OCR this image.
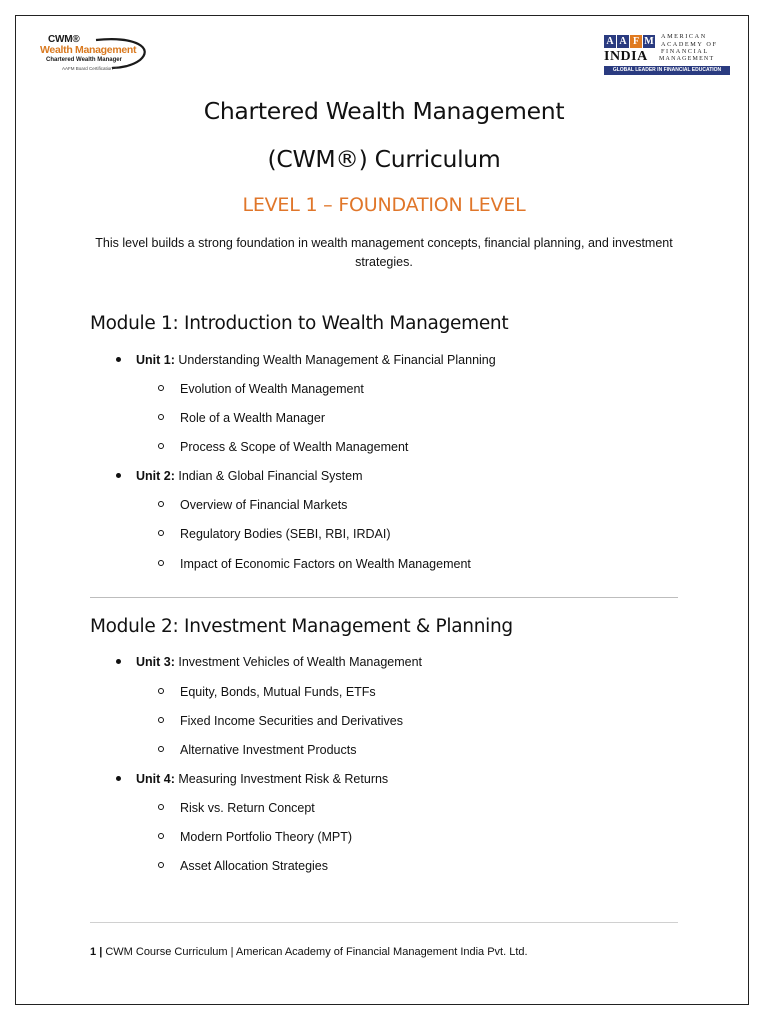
CWM®
Wealth Management
Chartered Wealth Manager
AAFM Board Certification™
A A F M AMERICAN
ACADEMY OF
FINANCIAL
INDIA MANAGEMENT
GLOBAL LEADER IN FINANCIAL EDUCATION
Chartered Wealth Management
(CWM®) Curriculum
LEVEL 1 – FOUNDATION LEVEL
This level builds a strong foundation in wealth management concepts, financial planning, and investment strategies.
Module 1: Introduction to Wealth Management
Unit 1: Understanding Wealth Management & Financial Planning
Evolution of Wealth Management
Role of a Wealth Manager
Process & Scope of Wealth Management
Unit 2: Indian & Global Financial System
Overview of Financial Markets
Regulatory Bodies (SEBI, RBI, IRDAI)
Impact of Economic Factors on Wealth Management
Module 2: Investment Management & Planning
Unit 3: Investment Vehicles of Wealth Management
Equity, Bonds, Mutual Funds, ETFs
Fixed Income Securities and Derivatives
Alternative Investment Products
Unit 4: Measuring Investment Risk & Returns
Risk vs. Return Concept
Modern Portfolio Theory (MPT)
Asset Allocation Strategies
1 | CWM Course Curriculum | American Academy of Financial Management India Pvt. Ltd.
